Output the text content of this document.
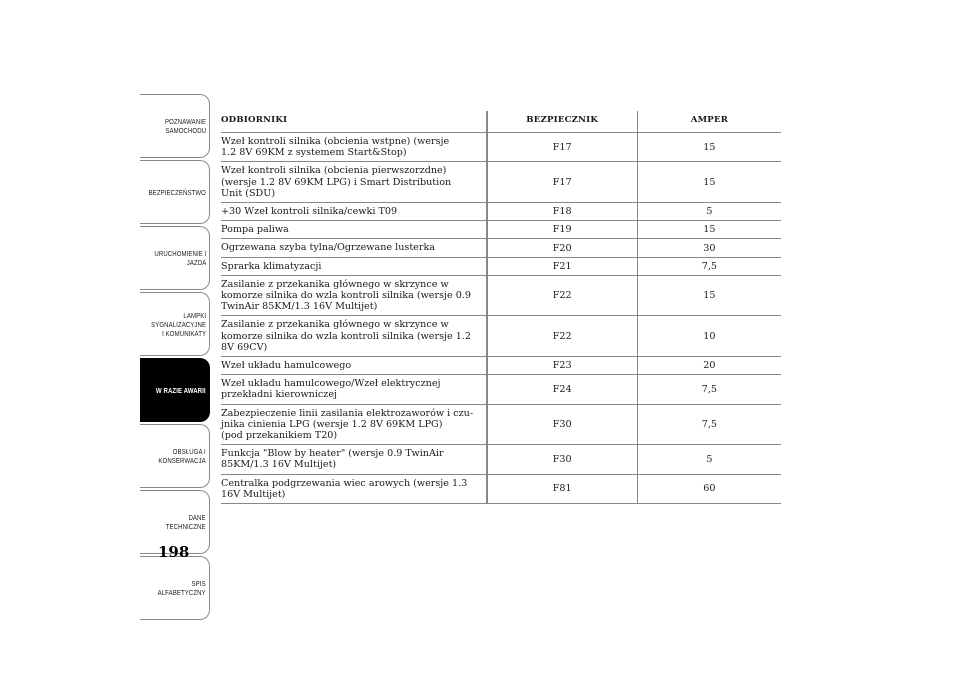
POZNAWANIE
SAMOCHODU
BEZPIECZEŃSTWO
URUCHOMIENIE I
JAZDA
LAMPKI
SYGNALIZACYJNE
I KOMUNIKATY
W RAZIE AWARII
OBSŁUGA I
KONSERWACJA
DANE
TECHNICZNE
SPIS
ALFABETYCZNY
198
ODBIORNIKI	BEZPIECZNIK	AMPER
Wzeł kontroli silnika (obcienia wstpne) (wersje
1.2 8V 69KM z systemem Start&Stop)	F17	15
Wzeł kontroli silnika (obcienia pierwszorzdne)
(wersje 1.2 8V 69KM LPG) i Smart Distribution
Unit (SDU)
F17	15
+30 Wzeł kontroli silnika/cewki T09	F18	5
Pompa paliwa	F19	15
Ogrzewana szyba tylna/Ogrzewane lusterka	F20	30
Sprarka klimatyzacji	F21	7,5
Zasilanie z przekanika głównego w skrzynce w
komorze silnika do wzla kontroli silnika (wersje 0.9
TwinAir 85KM/1.3 16V Multijet)
F22	15
Zasilanie z przekanika głównego w skrzynce w
komorze silnika do wzla kontroli silnika (wersje 1.2
8V 69CV)
F22	10
Wzeł układu hamulcowego	F23	20
Wzeł układu hamulcowego/Wzeł elektrycznej
przekładni kierowniczej	F24	7,5
Zabezpieczenie linii zasilania elektrozaworów i czu-
jnika cinienia LPG (wersje 1.2 8V 69KM LPG)
(pod przekanikiem T20)
F30	7,5
Funkcja "Blow by heater" (wersje 0.9 TwinAir
85KM/1.3 16V Multijet)	F30	5
Centralka podgrzewania wiec arowych (wersje 1.3
16V Multijet)	F81	60
